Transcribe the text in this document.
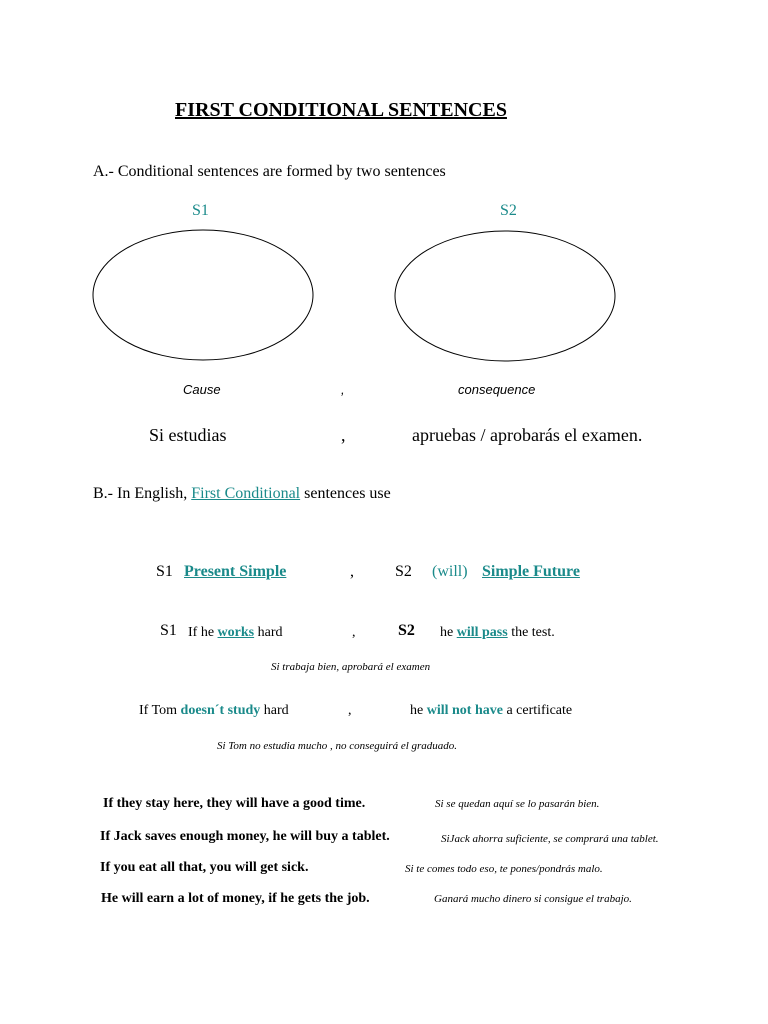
FIRST CONDITIONAL SENTENCES
A.- Conditional sentences are formed by two sentences
S1	S2
Cause	,	consequence
Si estudias	,	apruebas / aprobarás el examen.
B.- In English, First Conditional sentences use
S1 Present Simple	,	S2 (will) Simple Future
S1 If he works hard	,	S2 he will pass the test.
Si trabaja bien, aprobará el examen
If Tom doesn´t study hard	,	he will not have a certificate
Si Tom no estudia mucho , no conseguirá el graduado.
If they stay here, they will have a good time.	Si se quedan aquí se lo pasarán bien.
If Jack saves enough money, he will buy a tablet.	SiJack ahorra suficiente, se comprará una tablet.
If you eat all that, you will get sick.	Si te comes todo eso, te pones/pondrás malo.
He will earn a lot of money, if he gets the job.	Ganará mucho dinero si consigue el trabajo.
